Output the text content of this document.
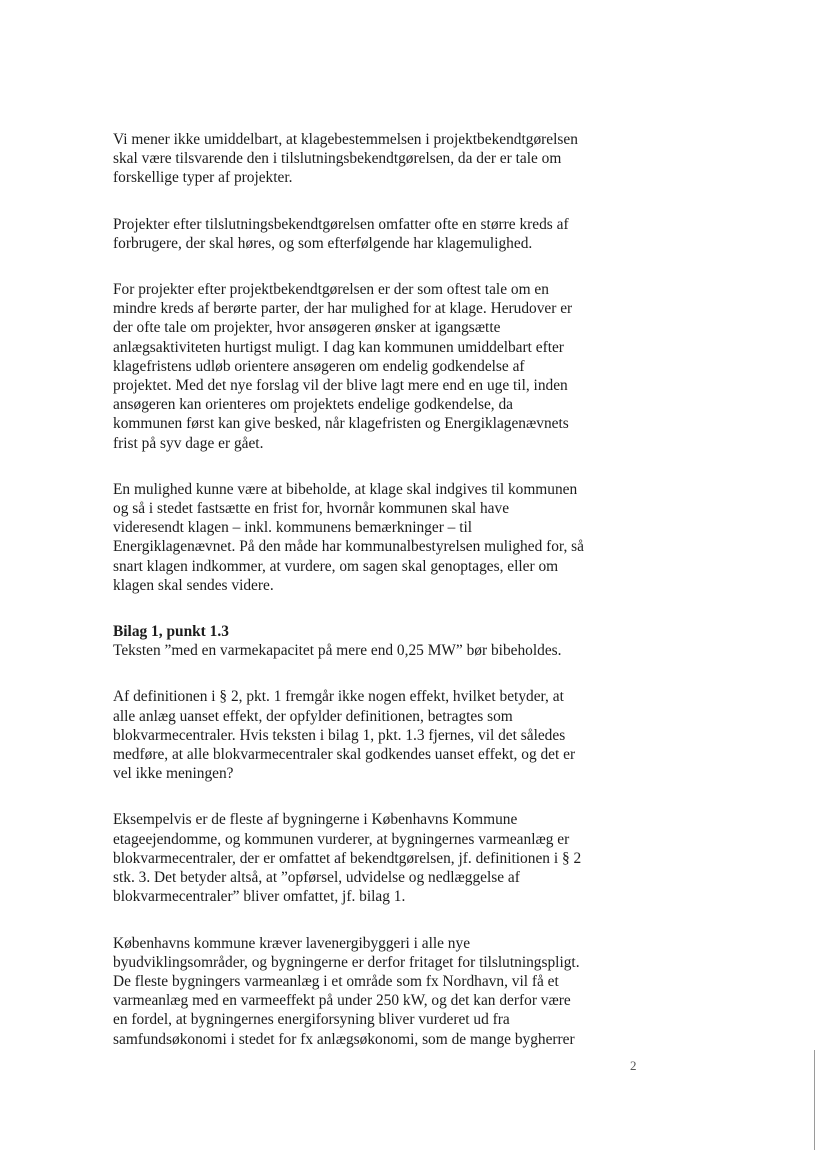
Vi mener ikke umiddelbart, at klagebestemmelsen i projektbekendtgørelsen
skal være tilsvarende den i tilslutningsbekendtgørelsen, da der er tale om
forskellige typer af projekter.

Projekter efter tilslutningsbekendtgørelsen omfatter ofte en større kreds af
forbrugere, der skal høres, og som efterfølgende har klagemulighed.

For projekter efter projektbekendtgørelsen er der som oftest tale om en
mindre kreds af berørte parter, der har mulighed for at klage. Herudover er
der ofte tale om projekter, hvor ansøgeren ønsker at igangsætte
anlægsaktiviteten hurtigst muligt. I dag kan kommunen umiddelbart efter
klagefristens udløb orientere ansøgeren om endelig godkendelse af
projektet. Med det nye forslag vil der blive lagt mere end en uge til, inden
ansøgeren kan orienteres om projektets endelige godkendelse, da
kommunen først kan give besked, når klagefristen og Energiklagenævnets
frist på syv dage er gået.

En mulighed kunne være at bibeholde, at klage skal indgives til kommunen
og så i stedet fastsætte en frist for, hvornår kommunen skal have
videresendt klagen – inkl. kommunens bemærkninger – til
Energiklagenævnet. På den måde har kommunalbestyrelsen mulighed for, så
snart klagen indkommer, at vurdere, om sagen skal genoptages, eller om
klagen skal sendes videre.

Bilag 1, punkt 1.3
Teksten ”med en varmekapacitet på mere end 0,25 MW” bør bibeholdes.

Af definitionen i § 2, pkt. 1 fremgår ikke nogen effekt, hvilket betyder, at
alle anlæg uanset effekt, der opfylder definitionen, betragtes som
blokvarmecentraler. Hvis teksten i bilag 1, pkt. 1.3 fjernes, vil det således
medføre, at alle blokvarmecentraler skal godkendes uanset effekt, og det er
vel ikke meningen?

Eksempelvis er de fleste af bygningerne i Københavns Kommune
etageejendomme, og kommunen vurderer, at bygningernes varmeanlæg er
blokvarmecentraler, der er omfattet af bekendtgørelsen, jf. definitionen i § 2
stk. 3. Det betyder altså, at ”opførsel, udvidelse og nedlæggelse af
blokvarmecentraler” bliver omfattet, jf. bilag 1.

Københavns kommune kræver lavenergibyggeri i alle nye
byudviklingsområder, og bygningerne er derfor fritaget for tilslutningspligt.
De fleste bygningers varmeanlæg i et område som fx Nordhavn, vil få et
varmeanlæg med en varmeeffekt på under 250 kW, og det kan derfor være
en fordel, at bygningernes energiforsyning bliver vurderet ud fra
samfundsøkonomi i stedet for fx anlægsøkonomi, som de mange bygherrer

2
